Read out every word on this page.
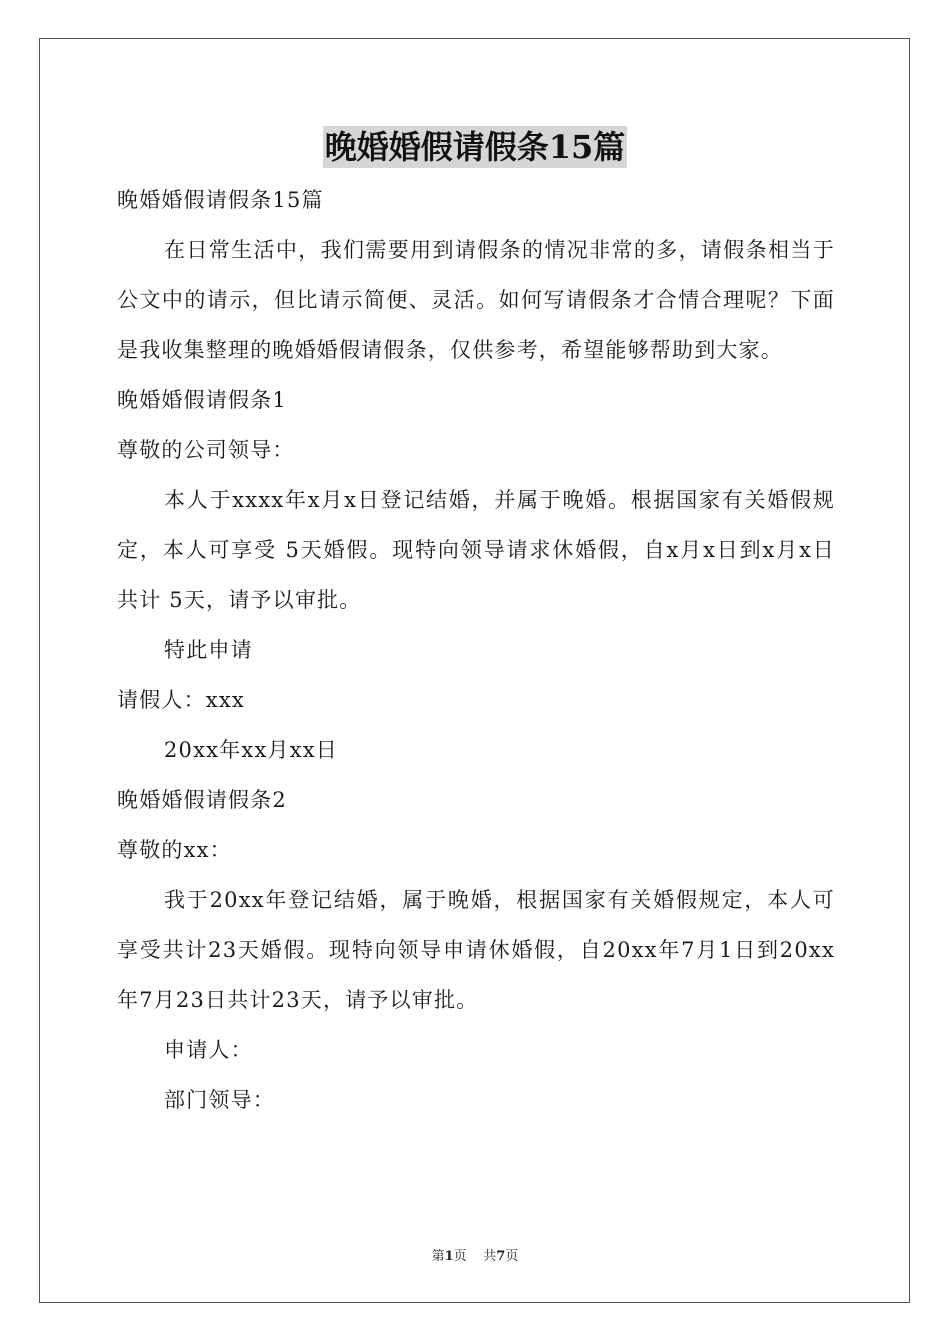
晚婚婚假请假条15篇

晚婚婚假请假条15篇

在日常生活中，我们需要用到请假条的情况非常的多，请假条相当于公文中的请示，但比请示简便、灵活。如何写请假条才合情合理呢？下面是我收集整理的晚婚婚假请假条，仅供参考，希望能够帮助到大家。

晚婚婚假请假条1

尊敬的公司领导：

本人于xxxx年x月x日登记结婚，并属于晚婚。根据国家有关婚假规定，本人可享受 5天婚假。现特向领导请求休婚假，自x月x日到x月x日共计 5天，请予以审批。

特此申请

请假人：xxx

20xx年xx月xx日

晚婚婚假请假条2

尊敬的xx：

我于20xx年登记结婚，属于晚婚，根据国家有关婚假规定，本人可享受共计23天婚假。现特向领导申请休婚假，自20xx年7月1日到20xx年7月23日共计23天，请予以审批。

申请人：

部门领导：

第1页 共7页
